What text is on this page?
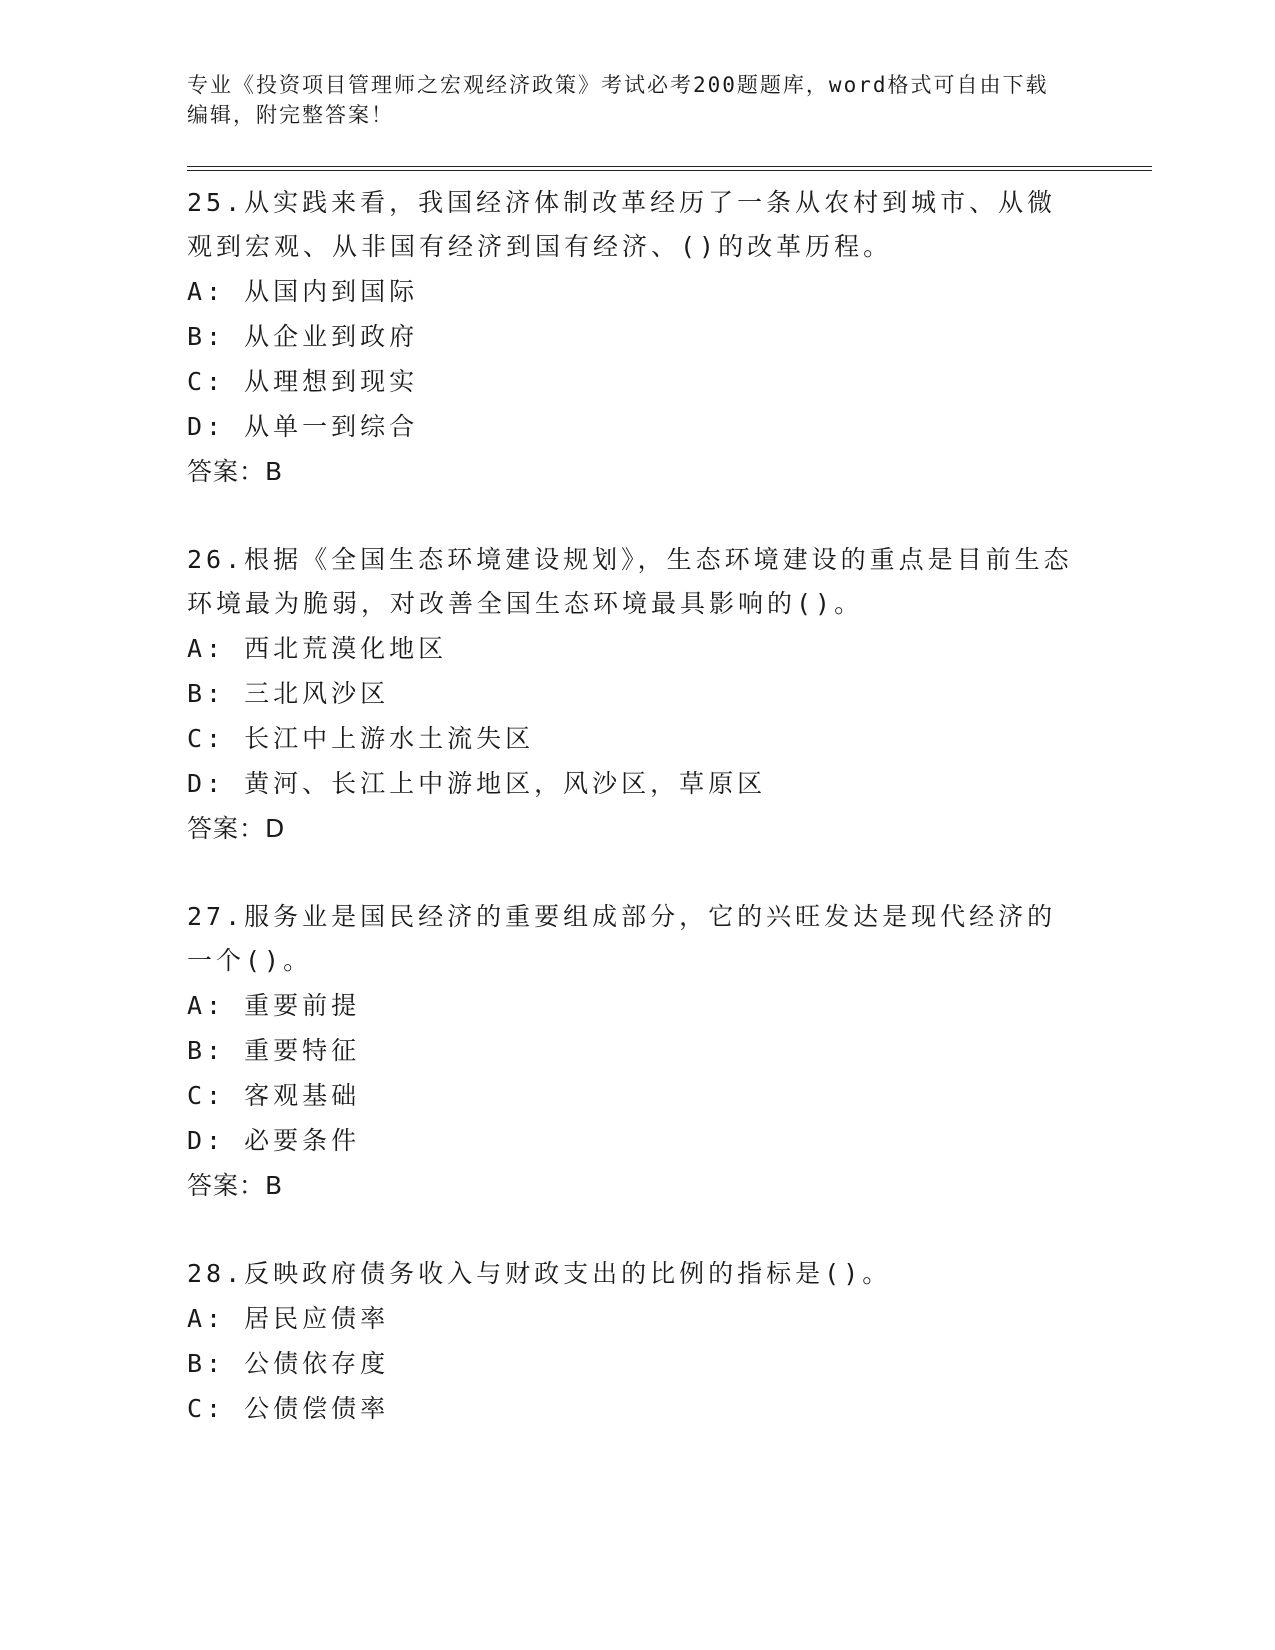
专业《投资项目管理师之宏观经济政策》考试必考200题题库，word格式可自由下载编辑，附完整答案！
25.从实践来看，我国经济体制改革经历了一条从农村到城市、从微观到宏观、从非国有经济到国有经济、()的改革历程。
A: 从国内到国际
B: 从企业到政府
C: 从理想到现实
D: 从单一到综合
答案：B
26.根据《全国生态环境建设规划》，生态环境建设的重点是目前生态环境最为脆弱，对改善全国生态环境最具影响的()。
A: 西北荒漠化地区
B: 三北风沙区
C: 长江中上游水土流失区
D: 黄河、长江上中游地区，风沙区，草原区
答案：D
27.服务业是国民经济的重要组成部分，它的兴旺发达是现代经济的一个()。
A: 重要前提
B: 重要特征
C: 客观基础
D: 必要条件
答案：B
28.反映政府债务收入与财政支出的比例的指标是()。
A: 居民应债率
B: 公债依存度
C: 公债偿债率
